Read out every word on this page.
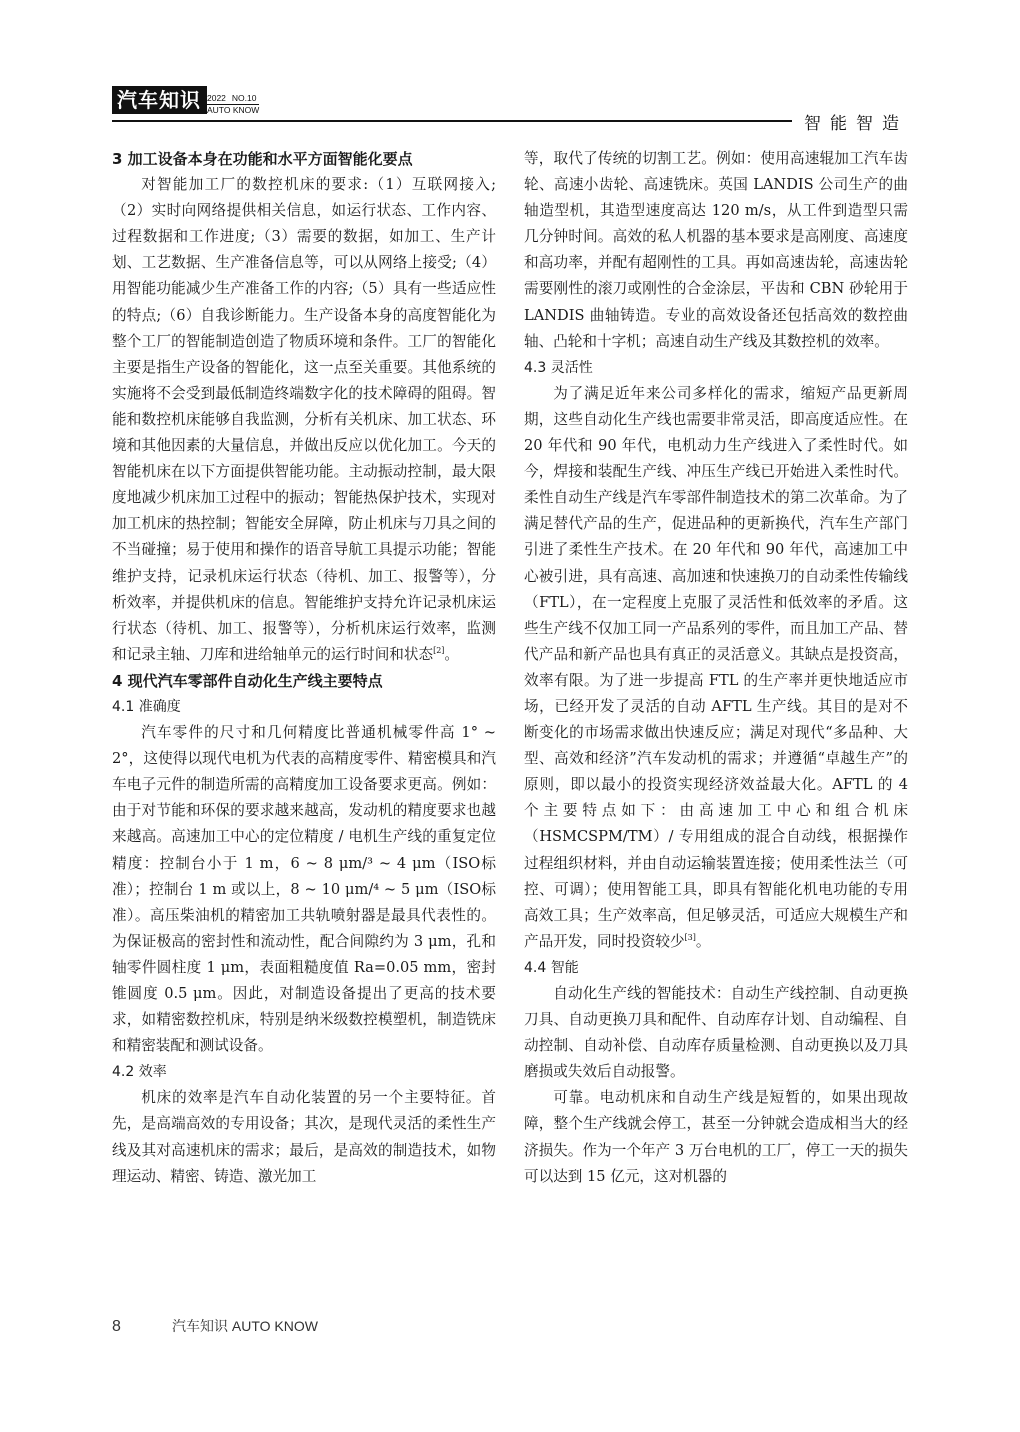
汽车知识 2022 NO.10
AUTO KNOW
智能智造
3 加工设备本身在功能和水平方面智能化要点

对智能加工厂的数控机床的要求:（1）互联网接入;（2）实时向网络提供相关信息，如运行状态、工作内容、过程数据和工作进度;（3）需要的数据，如加工、生产计划、工艺数据、生产准备信息等，可以从网络上接受;（4）用智能功能减少生产准备工作的内容;（5）具有一些适应性的特点;（6）自我诊断能力。生产设备本身的高度智能化为整个工厂的智能制造创造了物质环境和条件。工厂的智能化主要是指生产设备的智能化，这一点至关重要。其他系统的实施将不会受到最低制造终端数字化的技术障碍的阻碍。智能和数控机床能够自我监测，分析有关机床、加工状态、环境和其他因素的大量信息，并做出反应以优化加工。今天的智能机床在以下方面提供智能功能。主动振动控制，最大限度地减少机床加工过程中的振动；智能热保护技术，实现对加工机床的热控制；智能安全屏障，防止机床与刀具之间的不当碰撞；易于使用和操作的语音导航工具提示功能；智能维护支持，记录机床运行状态（待机、加工、报警等），分析效率，并提供机床的信息。智能维护支持允许记录机床运行状态（待机、加工、报警等），分析机床运行效率，监测和记录主轴、刀库和进给轴单元的运行时间和状态[2]。

4 现代汽车零部件自动化生产线主要特点
4.1 准确度

汽车零件的尺寸和几何精度比普通机械零件高 1° ~ 2°，这使得以现代电机为代表的高精度零件、精密模具和汽车电子元件的制造所需的高精度加工设备要求更高。例如：由于对节能和环保的要求越来越高，发动机的精度要求也越来越高。高速加工中心的定位精度 / 电机生产线的重复定位精度：控制台小于 1 m，6 ~ 8 μm/³ ~ 4 μm（ISO标准）；控制台 1 m 或以上，8 ~ 10 μm/⁴ ~ 5 μm（ISO标准）。高压柴油机的精密加工共轨喷射器是最具代表性的。为保证极高的密封性和流动性，配合间隙约为 3 μm，孔和轴零件圆柱度 1 μm，表面粗糙度值 Ra=0.05 mm，密封锥圆度 0.5 μm。因此，对制造设备提出了更高的技术要求，如精密数控机床，特别是纳米级数控模塑机，制造铣床和精密装配和测试设备。

4.2 效率

机床的效率是汽车自动化装置的另一个主要特征。首先，是高端高效的专用设备；其次，是现代灵活的柔性生产线及其对高速机床的需求；最后，是高效的制造技术，如物理运动、精密、铸造、激光加工

等，取代了传统的切割工艺。例如：使用高速辊加工汽车齿轮、高速小齿轮、高速铣床。英国 LANDIS 公司生产的曲轴造型机，其造型速度高达 120 m/s，从工件到造型只需几分钟时间。高效的私人机器的基本要求是高刚度、高速度和高功率，并配有超刚性的工具。再如高速齿轮，高速齿轮需要刚性的滚刀或刚性的合金涂层，平齿和 CBN 砂轮用于 LANDIS 曲轴铸造。专业的高效设备还包括高效的数控曲轴、凸轮和十字机；高速自动生产线及其数控机的效率。

4.3 灵活性

为了满足近年来公司多样化的需求，缩短产品更新周期，这些自动化生产线也需要非常灵活，即高度适应性。在 20 年代和 90 年代，电机动力生产线进入了柔性时代。如今，焊接和装配生产线、冲压生产线已开始进入柔性时代。柔性自动生产线是汽车零部件制造技术的第二次革命。为了满足替代产品的生产，促进品种的更新换代，汽车生产部门引进了柔性生产技术。在 20 年代和 90 年代，高速加工中心被引进，具有高速、高加速和快速换刀的自动柔性传输线（FTL），在一定程度上克服了灵活性和低效率的矛盾。这些生产线不仅加工同一产品系列的零件，而且加工产品、替代产品和新产品也具有真正的灵活意义。其缺点是投资高，效率有限。为了进一步提高 FTL 的生产率并更快地适应市场，已经开发了灵活的自动 AFTL 生产线。其目的是对不断变化的市场需求做出快速反应；满足对现代“多品种、大型、高效和经济”汽车发动机的需求；并遵循“卓越生产”的原则，即以最小的投资实现经济效益最大化。AFTL 的 4 个主要特点如下：由高速加工中心和组合机床（HSMCSPM/TM）/ 专用组成的混合自动线，根据操作过程组织材料，并由自动运输装置连接；使用柔性法兰（可控、可调）；使用智能工具，即具有智能化机电功能的专用高效工具；生产效率高，但足够灵活，可适应大规模生产和产品开发，同时投资较少[3]。

4.4 智能

自动化生产线的智能技术：自动生产线控制、自动更换刀具、自动更换刀具和配件、自动库存计划、自动编程、自动控制、自动补偿、自动库存质量检测、自动更换以及刀具磨损或失效后自动报警。

可靠。电动机床和自动生产线是短暂的，如果出现故障，整个生产线就会停工，甚至一分钟就会造成相当大的经济损失。作为一个年产 3 万台电机的工厂，停工一天的损失可以达到 15 亿元，这对机器的

8	汽车知识 AUTO KNOW
